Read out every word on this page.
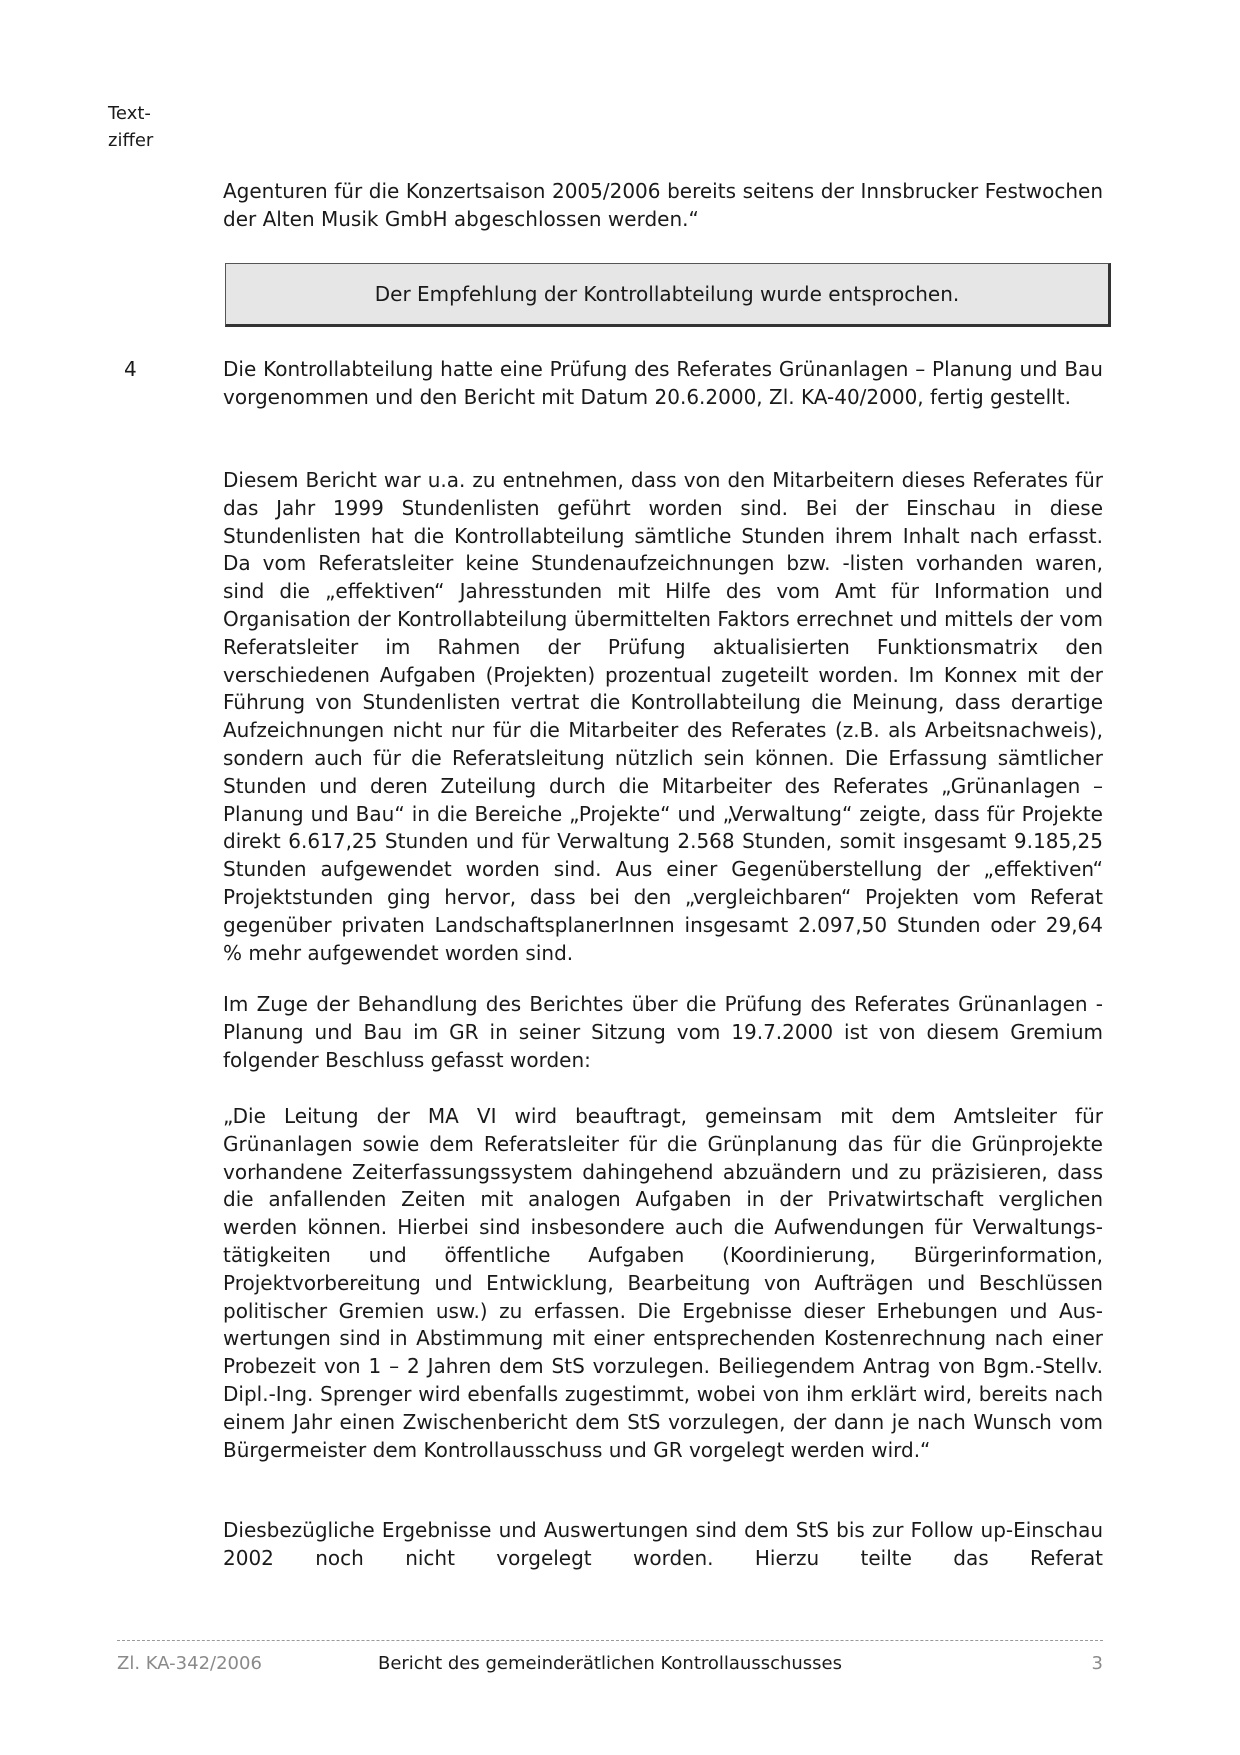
Text-
ziffer
Agenturen für die Konzertsaison 2005/2006 bereits seitens der Innsbrucker Festwochen der Alten Musik GmbH abgeschlossen werden.“
Der Empfehlung der Kontrollabteilung wurde entsprochen.
4	Die Kontrollabteilung hatte eine Prüfung des Referates Grünanlagen – Planung und Bau vorgenommen und den Bericht mit Datum 20.6.2000, Zl. KA-40/2000, fertig gestellt.
Diesem Bericht war u.a. zu entnehmen, dass von den Mitarbeitern dieses Referates für das Jahr 1999 Stundenlisten geführt worden sind. Bei der Einschau in diese Stundenlisten hat die Kontrollabteilung sämtliche Stunden ihrem Inhalt nach erfasst. Da vom Referatsleiter keine Stundenaufzeichnungen bzw. -listen vorhanden waren, sind die „effektiven“ Jahresstunden mit Hilfe des vom Amt für Information und Organisation der Kontrollabteilung übermittelten Faktors errechnet und mittels der vom Referatsleiter im Rahmen der Prüfung aktualisierten Funktionsmatrix den verschiedenen Aufgaben (Projekten) prozentual zugeteilt worden. Im Konnex mit der Führung von Stundenlisten vertrat die Kontrollabteilung die Meinung, dass derartige Aufzeichnungen nicht nur für die Mitarbeiter des Referates (z.B. als Arbeitsnachweis), sondern auch für die Referatsleitung nützlich sein können. Die Erfassung sämtlicher Stunden und deren Zuteilung durch die Mitarbeiter des Referates „Grünanlagen – Planung und Bau“ in die Bereiche „Projekte“ und „Verwaltung“ zeigte, dass für Projekte direkt 6.617,25 Stunden und für Verwaltung 2.568 Stunden, somit insgesamt 9.185,25 Stunden aufgewendet worden sind. Aus einer Gegenüberstellung der „effektiven“ Projektstunden ging hervor, dass bei den „vergleichbaren“ Projekten vom Referat gegenüber privaten LandschaftsplanerInnen insgesamt 2.097,50 Stunden oder 29,64 % mehr aufgewendet worden sind.
Im Zuge der Behandlung des Berichtes über die Prüfung des Referates Grünanlagen - Planung und Bau im GR in seiner Sitzung vom 19.7.2000 ist von diesem Gremium folgender Beschluss gefasst worden:
„Die Leitung der MA VI wird beauftragt, gemeinsam mit dem Amtsleiter für Grünanlagen sowie dem Referatsleiter für die Grünplanung das für die Grünprojekte vorhandene Zeiterfassungssystem dahingehend abzuändern und zu präzisieren, dass die anfallenden Zeiten mit analogen Aufgaben in der Privatwirtschaft verglichen werden können. Hierbei sind insbesondere auch die Aufwendungen für Verwaltungstätigkeiten und öffentliche Aufgaben (Koordinierung, Bürgerinformation, Projektvorbereitung und Entwicklung, Bearbeitung von Aufträgen und Beschlüssen politischer Gremien usw.) zu erfassen. Die Ergebnisse dieser Erhebungen und Auswertungen sind in Abstimmung mit einer entsprechenden Kostenrechnung nach einer Probezeit von 1 – 2 Jahren dem StS vorzulegen. Beiliegendem Antrag von Bgm.-Stellv. Dipl.-Ing. Sprenger wird ebenfalls zugestimmt, wobei von ihm erklärt wird, bereits nach einem Jahr einen Zwischenbericht dem StS vorzulegen, der dann je nach Wunsch vom Bürgermeister dem Kontrollausschuss und GR vorgelegt werden wird.“
Diesbezügliche Ergebnisse und Auswertungen sind dem StS bis zur Follow up-Einschau 2002 noch nicht vorgelegt worden. Hierzu teilte das Referat
Zl. KA-342/2006	Bericht des gemeinderätlichen Kontrollausschusses	3
